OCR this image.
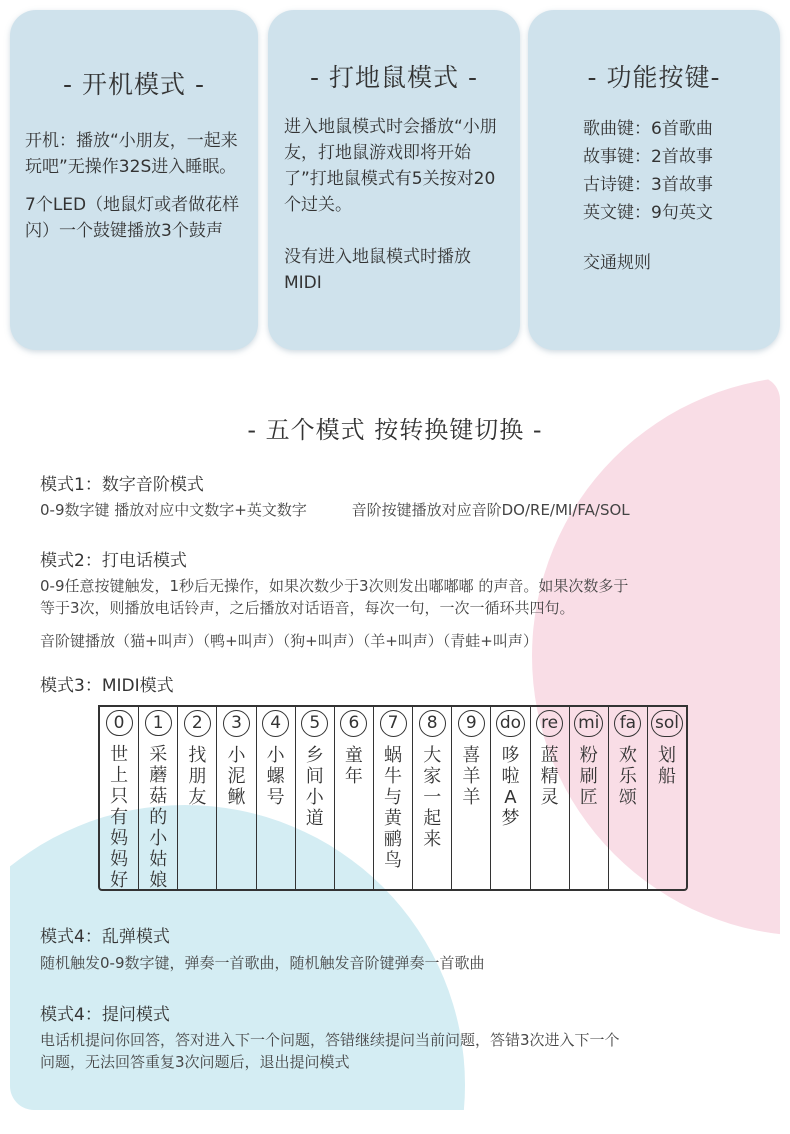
- 开机模式 -

开机：播放“小朋友，一起来玩吧”无操作32S进入睡眠。

7个LED（地鼠灯或者做花样闪）一个鼓键播放3个鼓声

- 打地鼠模式 -

进入地鼠模式时会播放“小朋友，打地鼠游戏即将开始了”打地鼠模式有5关按对20个过关。

没有进入地鼠模式时播放MIDI

- 功能按键-

歌曲键：6首歌曲

故事键：2首故事

古诗键：3首故事

英文键：9句英文

交通规则

- 五个模式 按转换键切换 -
模式1：数字音阶模式
0-9数字键 播放对应中文数字+英文数字	音阶按键播放对应音阶DO/RE/MI/FA/SOL
模式2：打电话模式
0-9任意按键触发，1秒后无操作，如果次数少于3次则发出嘟嘟嘟 的声音。如果次数多于
等于3次，则播放电话铃声，之后播放对话语音，每次一句，一次一循环共四句。
音阶键播放（猫+叫声）（鸭+叫声）（狗+叫声）（羊+叫声）（青蛙+叫声）
模式3：MIDI模式
0
世上只有妈妈好
1
采蘑菇的小姑娘
2
找朋友
3
小泥鳅
4
小螺号
5
乡间小道
6
童年
7
蜗牛与黄鹂鸟
8
大家一起来
9
喜羊羊
do
哆啦A梦
re
蓝精灵
mi
粉刷匠
fa
欢乐颂
sol
划船
模式4：乱弹模式
随机触发0-9数字键，弹奏一首歌曲，随机触发音阶键弹奏一首歌曲
模式4：提问模式
电话机提问你回答，答对进入下一个问题，答错继续提问当前问题，答错3次进入下一个
问题，无法回答重复3次问题后，退出提问模式
